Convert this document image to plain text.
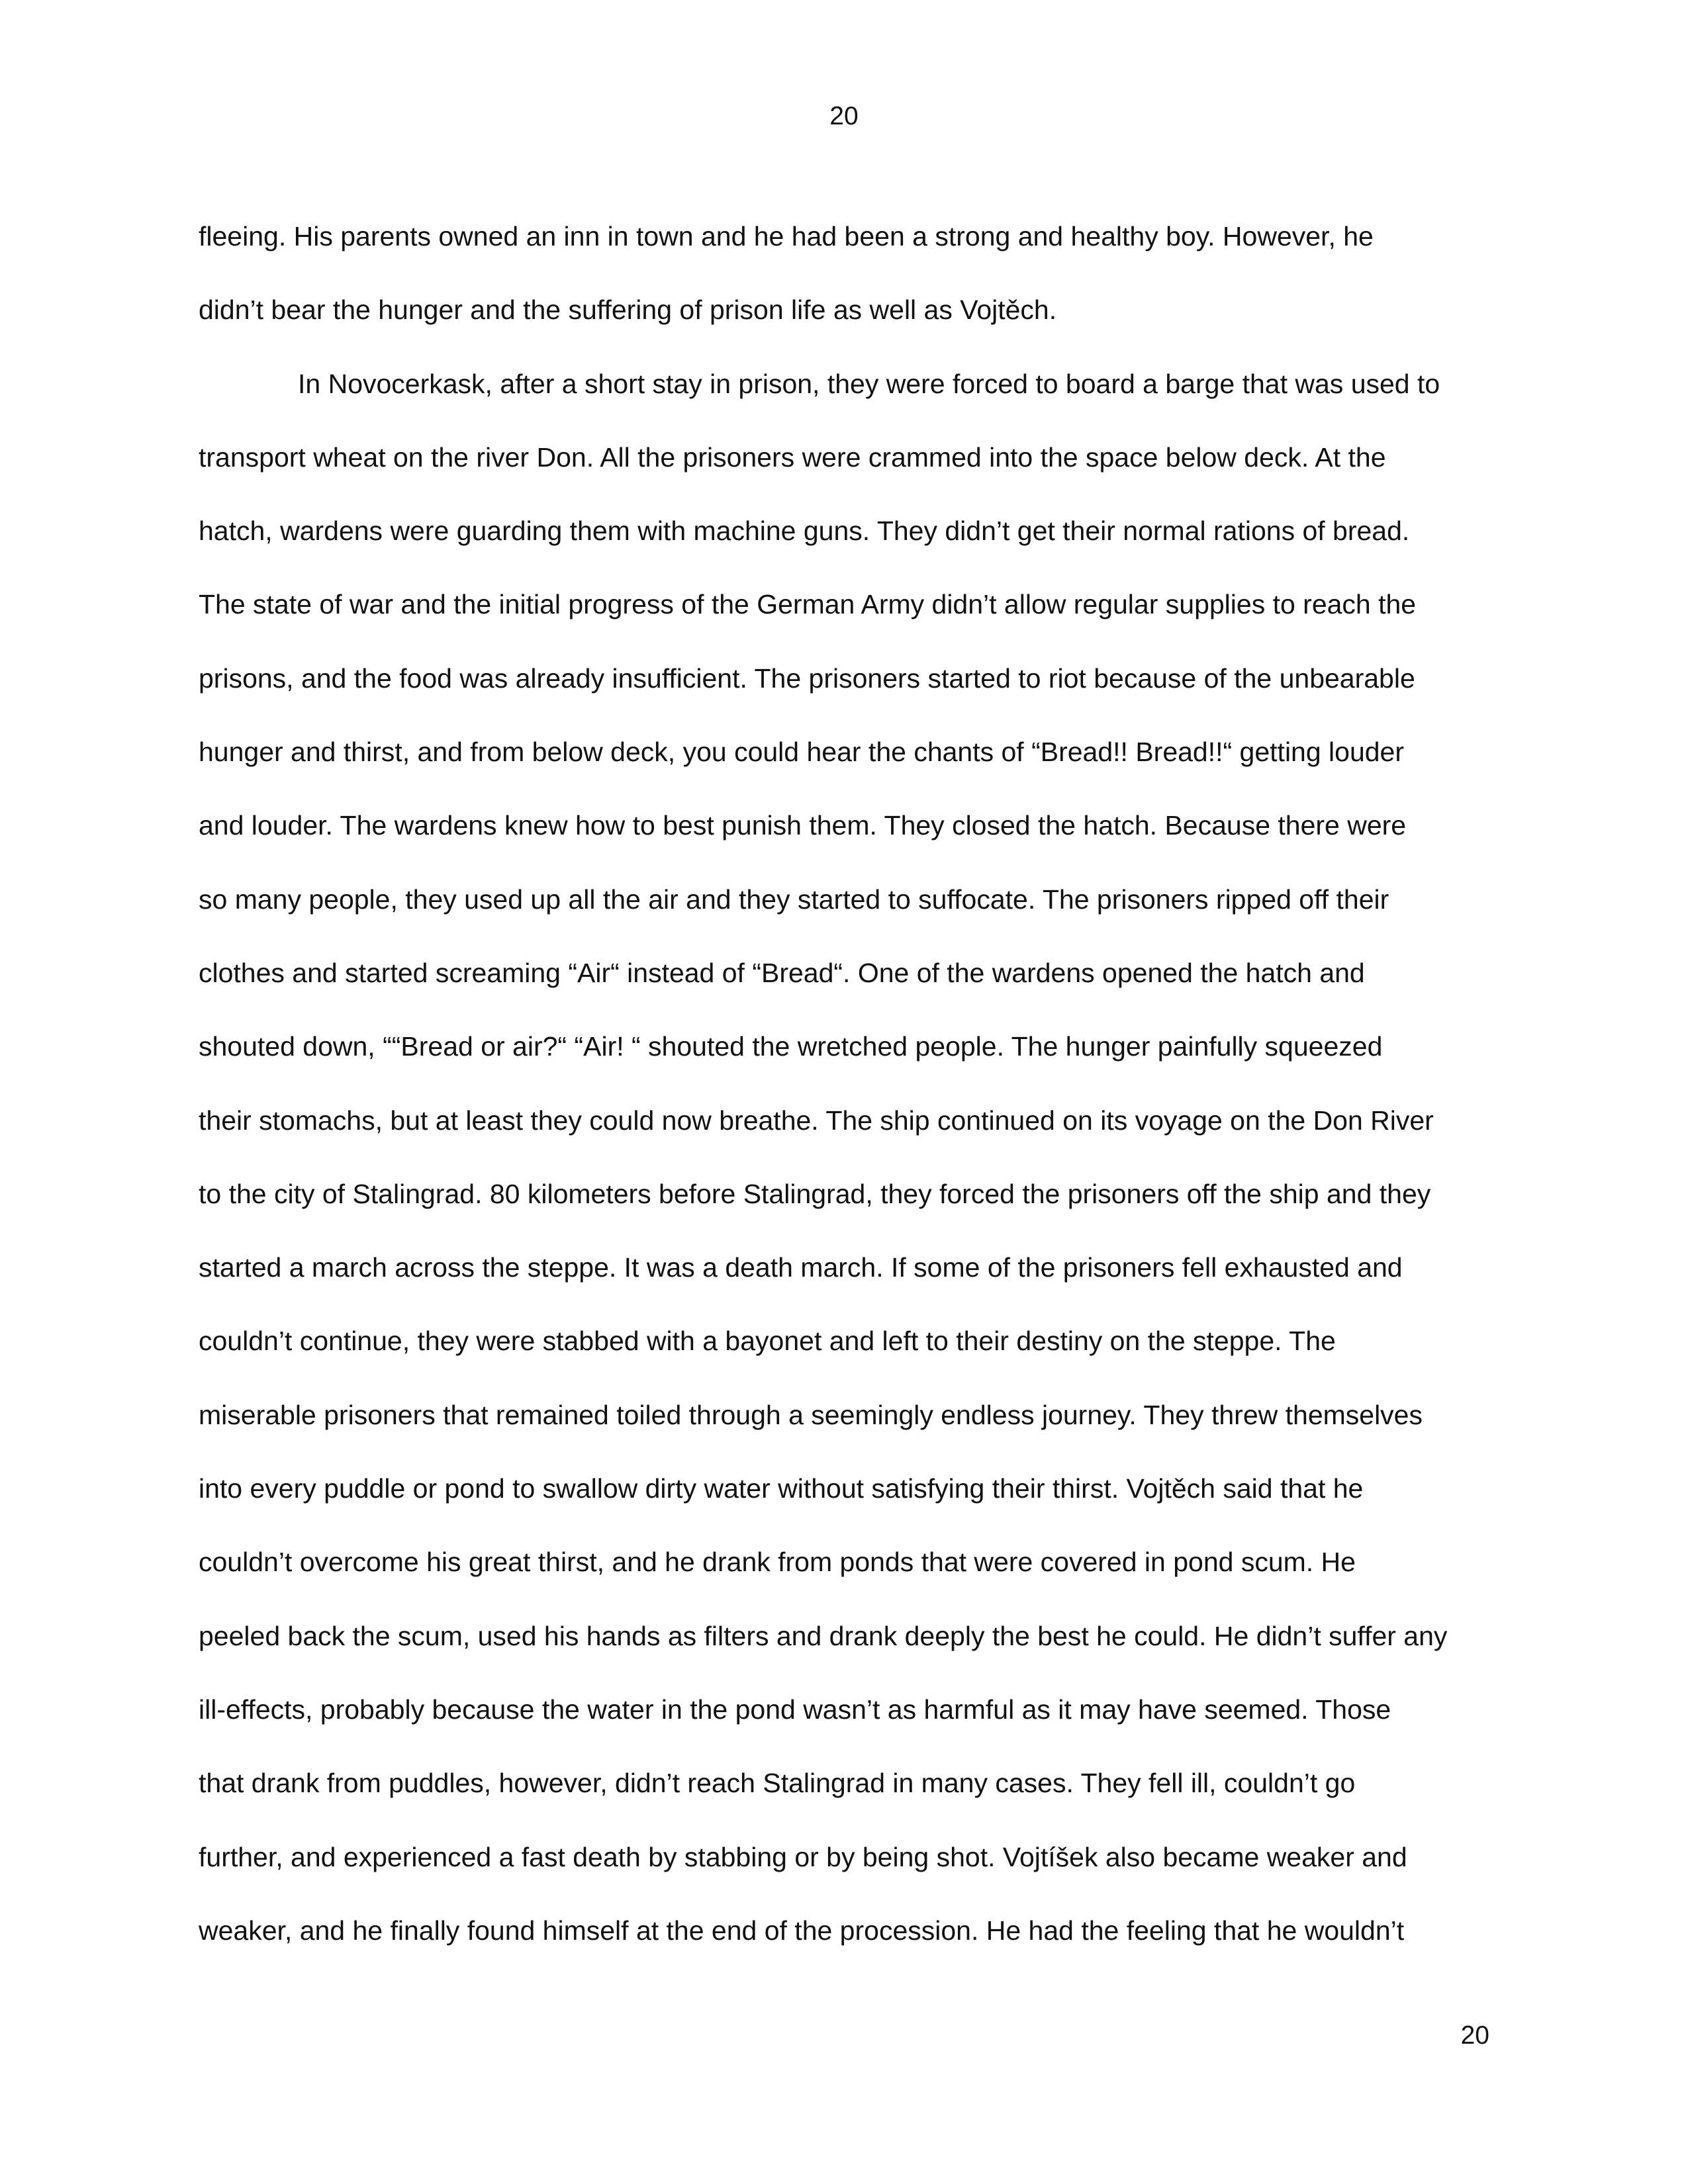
20
fleeing. His parents owned an inn in town and he had been a strong and healthy boy. However, he
didn’t bear the hunger and the suffering of prison life as well as Vojtěch.
In Novocerkask, after a short stay in prison, they were forced to board a barge that was used to
transport wheat on the river Don. All the prisoners were crammed into the space below deck. At the
hatch, wardens were guarding them with machine guns. They didn’t get their normal rations of bread.
The state of war and the initial progress of the German Army didn’t allow regular supplies to reach the
prisons, and the food was already insufficient. The prisoners started to riot because of the unbearable
hunger and thirst, and from below deck, you could hear the chants of “Bread!! Bread!!“ getting louder
and louder. The wardens knew how to best punish them. They closed the hatch. Because there were
so many people, they used up all the air and they started to suffocate. The prisoners ripped off their
clothes and started screaming “Air“ instead of “Bread“. One of the wardens opened the hatch and
shouted down, ““Bread or air?“ “Air! “ shouted the wretched people. The hunger painfully squeezed
their stomachs, but at least they could now breathe. The ship continued on its voyage on the Don River
to the city of Stalingrad. 80 kilometers before Stalingrad, they forced the prisoners off the ship and they
started a march across the steppe. It was a death march. If some of the prisoners fell exhausted and
couldn’t continue, they were stabbed with a bayonet and left to their destiny on the steppe. The
miserable prisoners that remained toiled through a seemingly endless journey. They threw themselves
into every puddle or pond to swallow dirty water without satisfying their thirst. Vojtěch said that he
couldn’t overcome his great thirst, and he drank from ponds that were covered in pond scum. He
peeled back the scum, used his hands as filters and drank deeply the best he could. He didn’t suffer any
ill-effects, probably because the water in the pond wasn’t as harmful as it may have seemed. Those
that drank from puddles, however, didn’t reach Stalingrad in many cases. They fell ill, couldn’t go
further, and experienced a fast death by stabbing or by being shot. Vojtíšek also became weaker and
weaker, and he finally found himself at the end of the procession. He had the feeling that he wouldn’t
20
